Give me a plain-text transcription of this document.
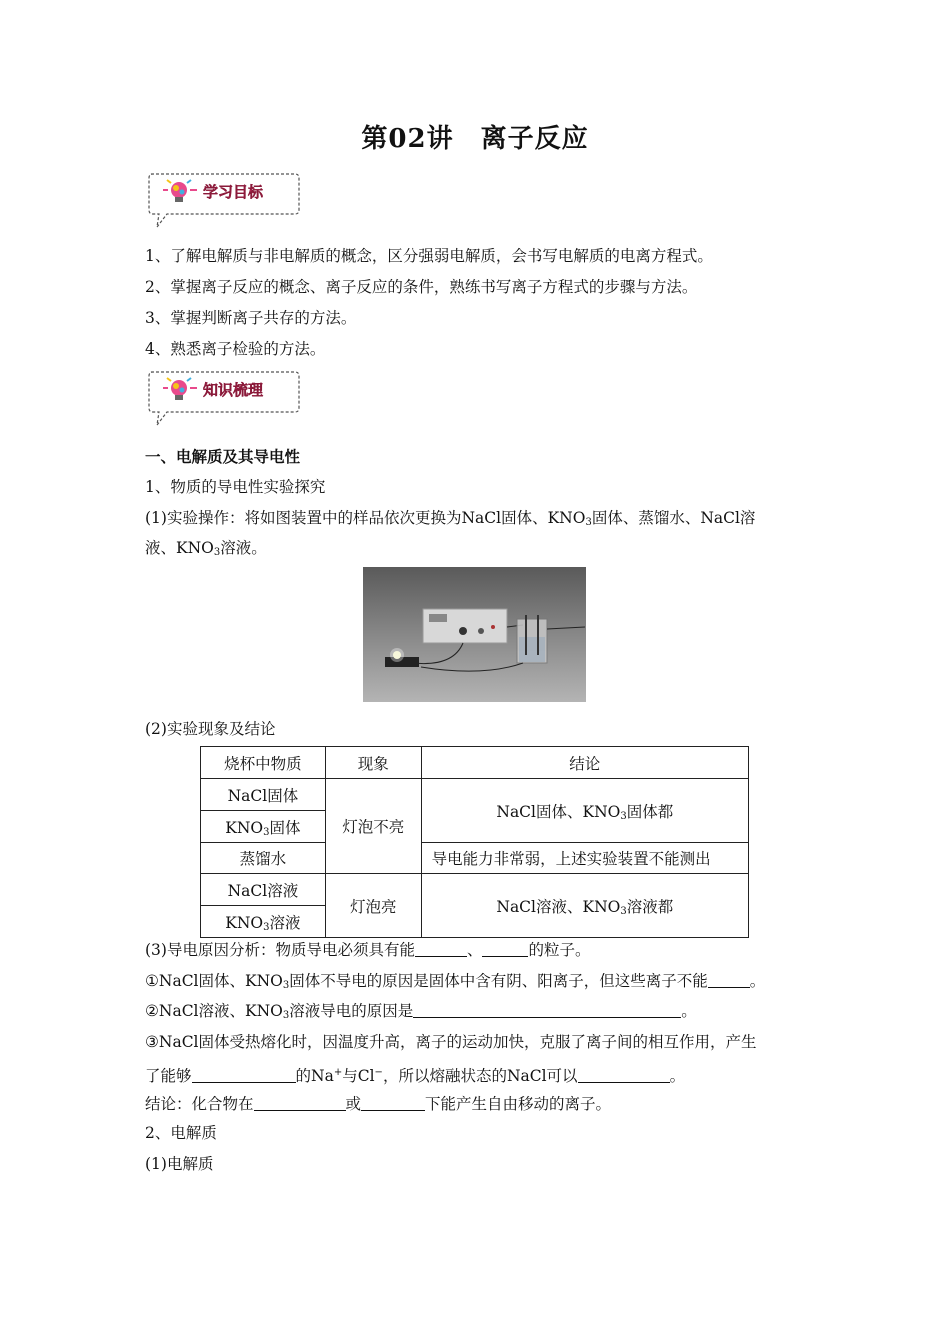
第02讲　离子反应
学习目标
1、了解电解质与非电解质的概念，区分强弱电解质，会书写电解质的电离方程式。
2、掌握离子反应的概念、离子反应的条件，熟练书写离子方程式的步骤与方法。
3、掌握判断离子共存的方法。
4、熟悉离子检验的方法。
知识梳理
一、电解质及其导电性
1、物质的导电性实验探究
(1)实验操作：将如图装置中的样品依次更换为NaCl固体、$KNO_3$固体、蒸馏水、NaCl溶
液、$KNO_3$溶液。
(2)实验现象及结论
烧杯中物质	现象	结论
NaCl固体	灯泡不亮	NaCl固体、$KNO_3$固体都
$KNO_3$固体		
蒸馏水		导电能力非常弱，上述实验装置不能测出
NaCl溶液	灯泡亮	NaCl溶液、$KNO_3$溶液都
$KNO_3$溶液		
(3)导电原因分析：物质导电必须具有能	、	的粒子。
①NaCl固体、$KNO_3$固体不导电的原因是固体中含有阴、阳离子，但这些离子不能	。
②NaCl溶液、$KNO_3$溶液导电的原因是	。
③NaCl固体受热熔化时，因温度升高，离子的运动加快，克服了离子间的相互作用，产生
了能够	的Na+与Cl−，所以熔融状态的NaCl可以	。
结论：化合物在	或	下能产生自由移动的离子。
2、电解质
(1)电解质
